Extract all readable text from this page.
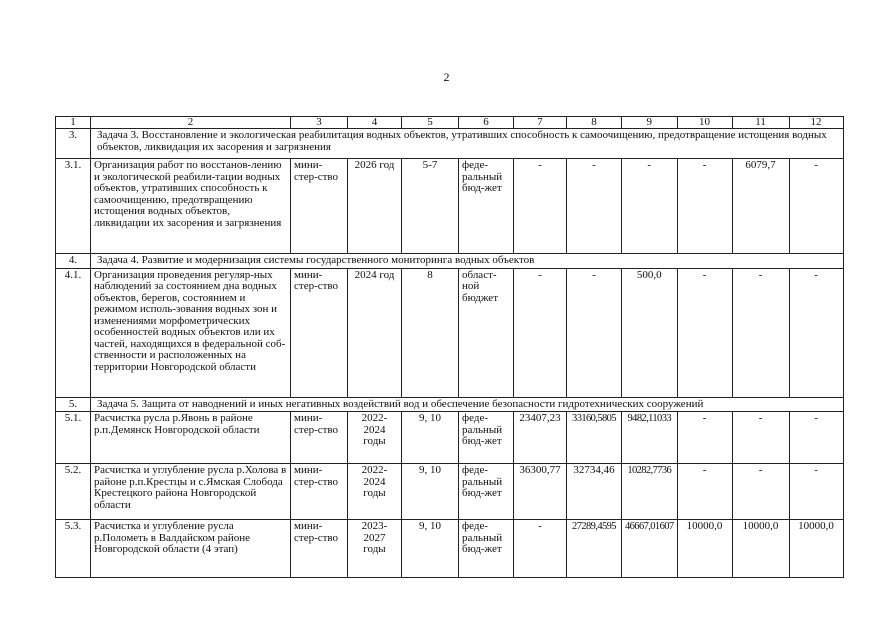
2
1	2	3	4	5	6	7	8	9	10	11	12
3.	Задача 3. Восстановление и экологическая реабилитация водных объектов, утративших способность к самоочищению, предотвращение истощения водных объектов, ликвидация их засорения и загрязнения										
3.1.	Организация работ по восстанов-лению и экологической реабили-тации водных объектов, утративших способность к самоочищению, предотвращению истощения водных объектов, ликвидации их засорения и загрязнения	мини-стер-ство	2026 год	5-7	феде-ральный бюд-жет	-	-	-	-	6079,7	-
4.	Задача 4. Развитие и модернизация системы государственного мониторинга водных объектов										
4.1.	Организация проведения регуляр-ных наблюдений за состоянием дна водных объектов, берегов, состоянием и режимом исполь-зования водных зон и изменениями морфометрических особенностей водных объектов или их частей, находящихся в федеральной соб-ственности и расположенных на территории Новгородской области	мини-стер-ство	2024 год	8	област-ной бюджет	-	-	500,0	-	-	-
5.	Задача 5. Защита от наводнений и иных негативных воздействий вод и обеспечение безопасности гидротехнических сооружений										
5.1.	Расчистка русла р.Явонь в районе р.п.Демянск Новгородской области	мини-стер-ство	2022-2024 годы	9, 10	феде-ральный бюд-жет	23407,23	33160,5805	9482,11033	-	-	-
5.2.	Расчистка и углубление русла р.Холова в районе р.п.Крестцы и с.Ямская Слобода Крестецкого района Новгородской области	мини-стер-ство	2022-2024 годы	9, 10	феде-ральный бюд-жет	36300,77	32734,46	10282,7736	-	-	-
5.3.	Расчистка и углубление русла р.Полометь в Валдайском районе Новгородской области (4 этап)	мини-стер-ство	2023-2027 годы	9, 10	феде-ральный бюд-жет	-	27289,4595	46667,01607	10000,0	10000,0	10000,0
